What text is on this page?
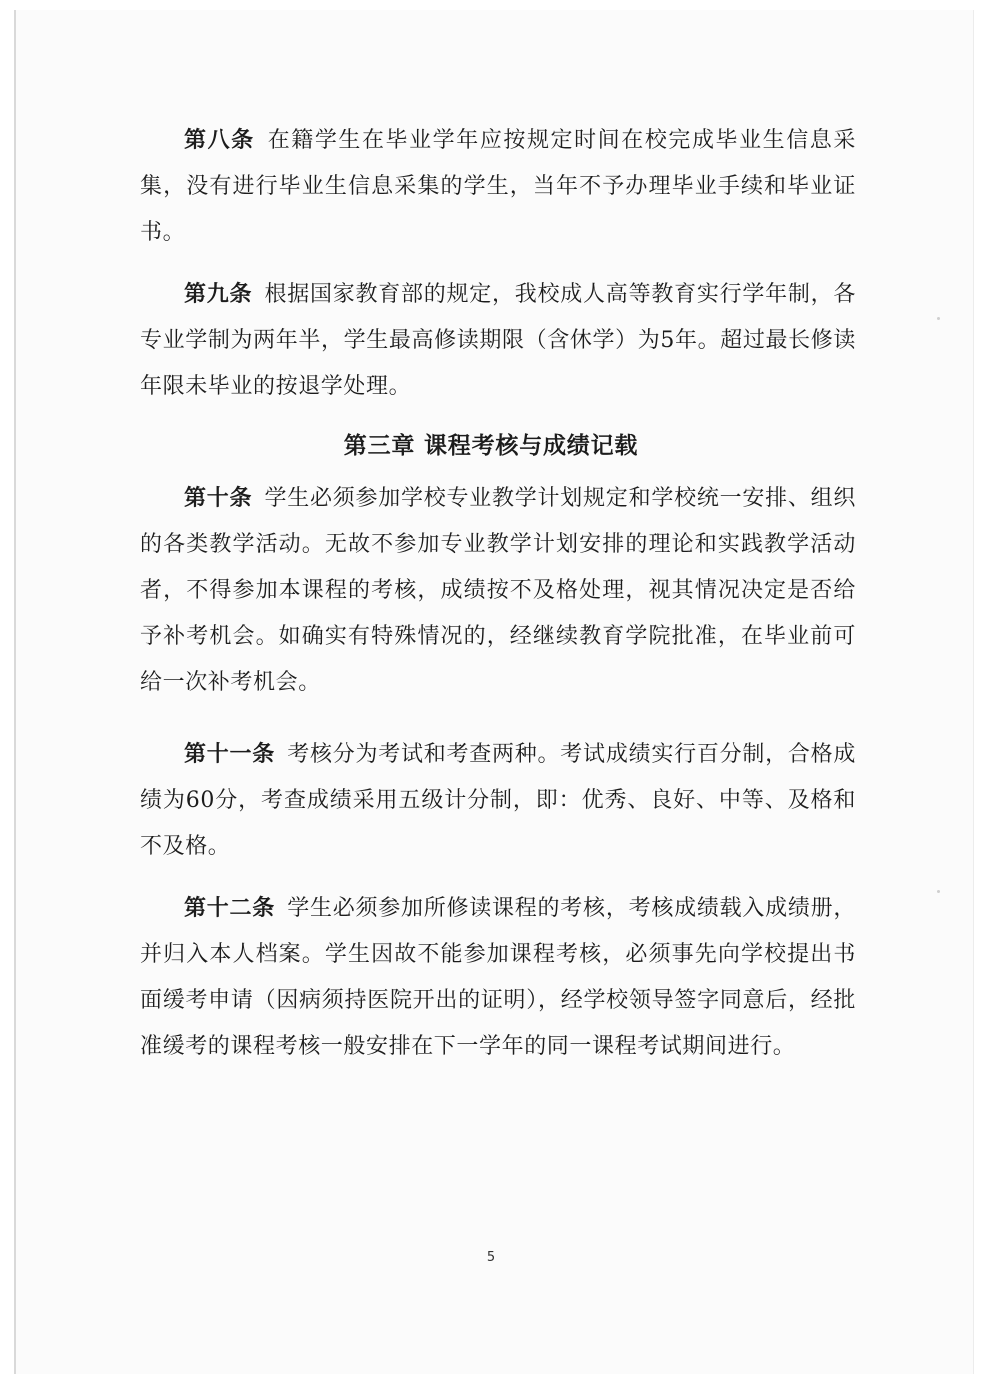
第八条 在籍学生在毕业学年应按规定时间在校完成毕业生信息采集，没有进行毕业生信息采集的学生，当年不予办理毕业手续和毕业证书。

第九条 根据国家教育部的规定，我校成人高等教育实行学年制，各专业学制为两年半，学生最高修读期限（含休学）为5年。超过最长修读年限未毕业的按退学处理。

第三章 课程考核与成绩记载

第十条 学生必须参加学校专业教学计划规定和学校统一安排、组织的各类教学活动。无故不参加专业教学计划安排的理论和实践教学活动者，不得参加本课程的考核，成绩按不及格处理，视其情况决定是否给予补考机会。如确实有特殊情况的，经继续教育学院批准，在毕业前可给一次补考机会。

第十一条 考核分为考试和考查两种。考试成绩实行百分制，合格成绩为60分，考查成绩采用五级计分制，即：优秀、良好、中等、及格和不及格。

第十二条 学生必须参加所修读课程的考核，考核成绩载入成绩册，并归入本人档案。学生因故不能参加课程考核，必须事先向学校提出书面缓考申请（因病须持医院开出的证明），经学校领导签字同意后，经批准缓考的课程考核一般安排在下一学年的同一课程考试期间进行。

5
